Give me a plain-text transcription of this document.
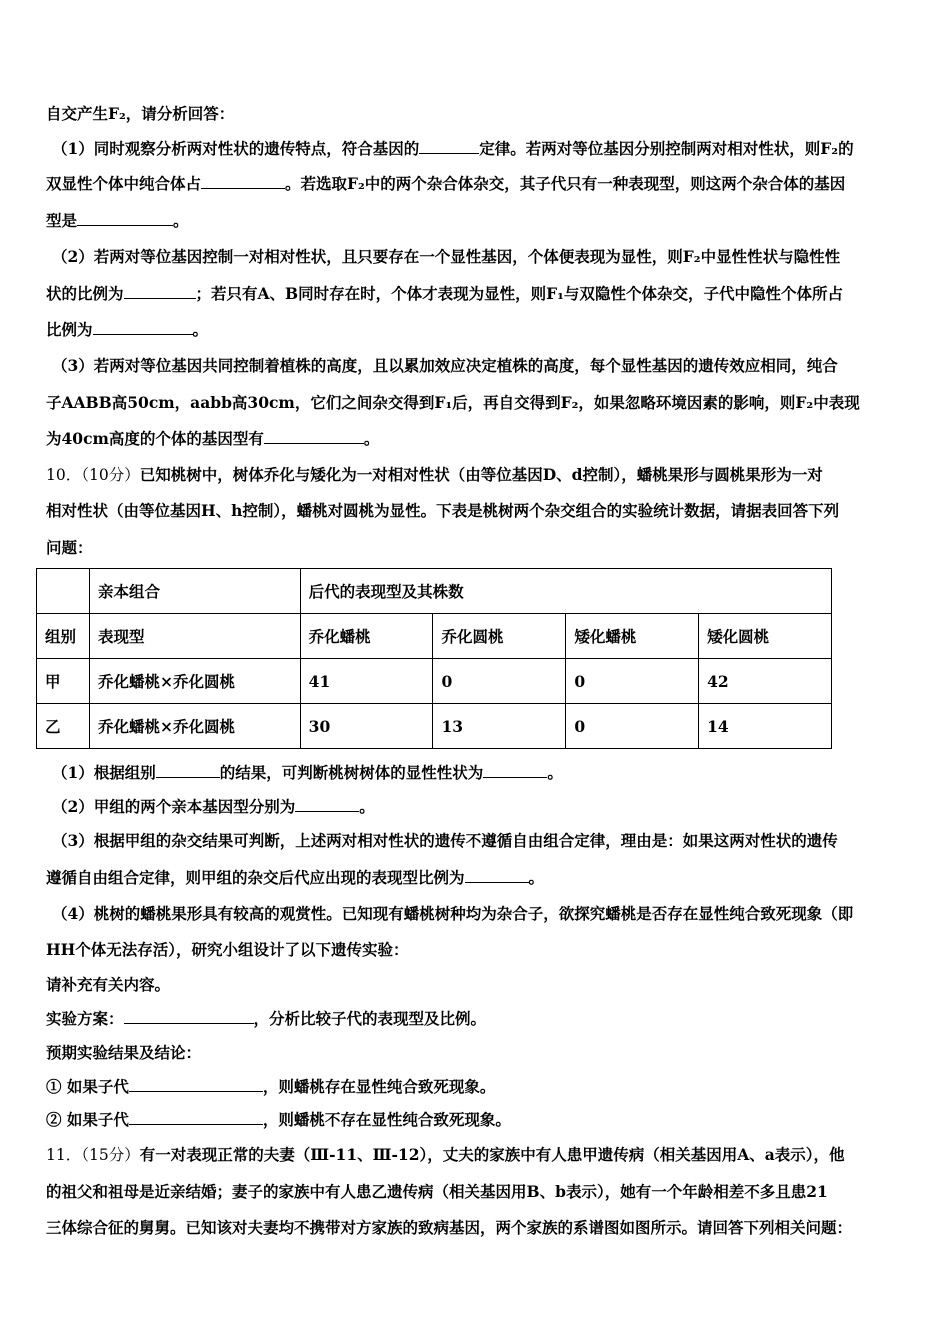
自交产生F₂，请分析回答：
（1）同时观察分析两对性状的遗传特点，符合基因的	定律。若两对等位基因分别控制两对相对性状，则F₂的
双显性个体中纯合体占	。若选取F₂中的两个杂合体杂交，其子代只有一种表现型，则这两个杂合体的基因
型是	。
（2）若两对等位基因控制一对相对性状，且只要存在一个显性基因，个体便表现为显性，则F₂中显性性状与隐性性
状的比例为	；若只有A、B同时存在时，个体才表现为显性，则F₁与双隐性个体杂交，子代中隐性个体所占
比例为	。
（3）若两对等位基因共同控制着植株的高度，且以累加效应决定植株的高度，每个显性基因的遗传效应相同，纯合
子AABB高50cm，aabb高30cm，它们之间杂交得到F₁后，再自交得到F₂，如果忽略环境因素的影响，则F₂中表现
为40cm高度的个体的基因型有	。
10．（10分）已知桃树中，树体乔化与矮化为一对相对性状（由等位基因D、d控制），蟠桃果形与圆桃果形为一对
相对性状（由等位基因H、h控制），蟠桃对圆桃为显性。下表是桃树两个杂交组合的实验统计数据，请据表回答下列
问题：
	亲本组合	后代的表现型及其株数			
组别	表现型	乔化蟠桃	乔化圆桃	矮化蟠桃	矮化圆桃
甲	乔化蟠桃×乔化圆桃	41	0	0	42
乙	乔化蟠桃×乔化圆桃	30	13	0	14
（1）根据组别	的结果，可判断桃树树体的显性性状为	。
（2）甲组的两个亲本基因型分别为	。
（3）根据甲组的杂交结果可判断，上述两对相对性状的遗传不遵循自由组合定律，理由是：如果这两对性状的遗传
遵循自由组合定律，则甲组的杂交后代应出现的表现型比例为	。
（4）桃树的蟠桃果形具有较高的观赏性。已知现有蟠桃树种均为杂合子，欲探究蟠桃是否存在显性纯合致死现象（即
HH个体无法存活），研究小组设计了以下遗传实验：
请补充有关内容。
实验方案：	，分析比较子代的表现型及比例。
预期实验结果及结论：
① 如果子代	，则蟠桃存在显性纯合致死现象。
② 如果子代	，则蟠桃不存在显性纯合致死现象。
11．（15分）有一对表现正常的夫妻（Ⅲ-11、Ⅲ-12），丈夫的家族中有人患甲遗传病（相关基因用A、a表示），他
的祖父和祖母是近亲结婚；妻子的家族中有人患乙遗传病（相关基因用B、b表示），她有一个年龄相差不多且患21
三体综合征的舅舅。已知该对夫妻均不携带对方家族的致病基因，两个家族的系谱图如图所示。请回答下列相关问题：
